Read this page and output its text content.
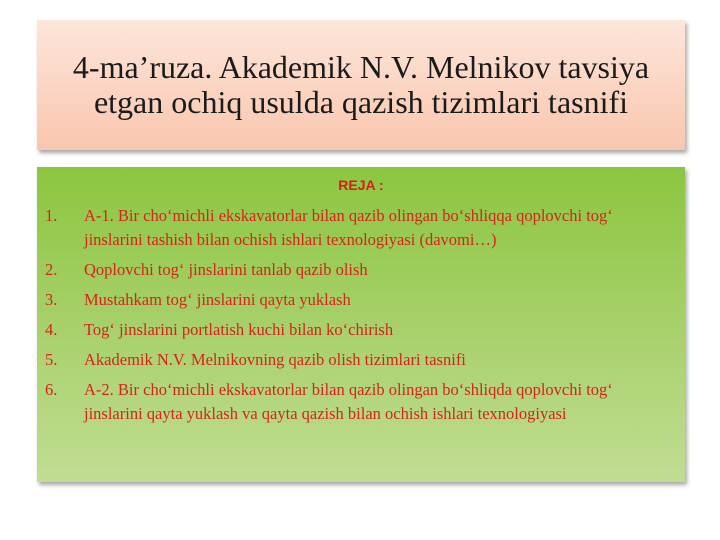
4-ma’ruza. Akademik N.V. Melnikov tavsiya etgan ochiq usulda qazish tizimlari tasnifi
REJA :
1.	A-1. Bir cho‘michli ekskavatorlar bilan qazib olingan bo‘shliqqa qoplovchi tog‘ jinslarini tashish bilan ochish ishlari texnologiyasi (davomi…)
2.	Qoplovchi tog‘ jinslarini tanlab qazib olish
3.	Mustahkam tog‘ jinslarini qayta yuklash
4.	Tog‘ jinslarini portlatish kuchi bilan ko‘chirish
5.	Akademik N.V. Melnikovning qazib olish tizimlari tasnifi
6.	A-2. Bir cho‘michli ekskavatorlar bilan qazib olingan bo‘shliqda qoplovchi tog‘ jinslarini qayta yuklash va qayta qazish bilan ochish ishlari texnologiyasi
